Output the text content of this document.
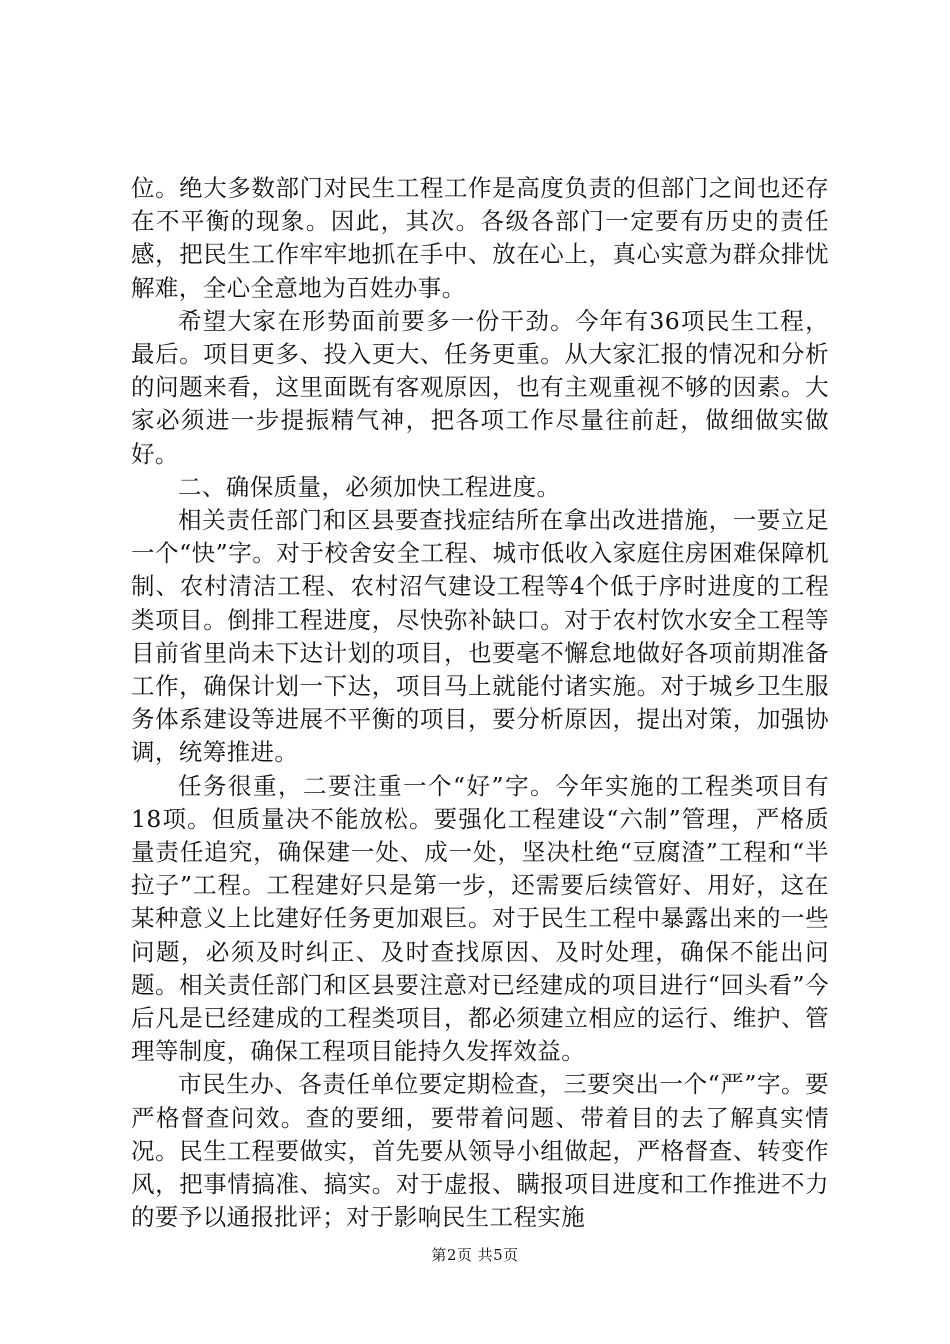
位。绝大多数部门对民生工程工作是高度负责的但部门之间也还存在不平衡的现象。因此，其次。各级各部门一定要有历史的责任感，把民生工作牢牢地抓在手中、放在心上，真心实意为群众排忧解难，全心全意地为百姓办事。

希望大家在形势面前要多一份干劲。今年有36项民生工程，最后。项目更多、投入更大、任务更重。从大家汇报的情况和分析的问题来看，这里面既有客观原因，也有主观重视不够的因素。大家必须进一步提振精气神，把各项工作尽量往前赶，做细做实做好。

二、确保质量，必须加快工程进度。

相关责任部门和区县要查找症结所在拿出改进措施，一要立足一个“快”字。对于校舍安全工程、城市低收入家庭住房困难保障机制、农村清洁工程、农村沼气建设工程等4个低于序时进度的工程类项目。倒排工程进度，尽快弥补缺口。对于农村饮水安全工程等目前省里尚未下达计划的项目，也要毫不懈怠地做好各项前期准备工作，确保计划一下达，项目马上就能付诸实施。对于城乡卫生服务体系建设等进展不平衡的项目，要分析原因，提出对策，加强协调，统筹推进。

任务很重，二要注重一个“好”字。今年实施的工程类项目有18项。但质量决不能放松。要强化工程建设“六制”管理，严格质量责任追究，确保建一处、成一处，坚决杜绝“豆腐渣”工程和“半拉子”工程。工程建好只是第一步，还需要后续管好、用好，这在某种意义上比建好任务更加艰巨。对于民生工程中暴露出来的一些问题，必须及时纠正、及时查找原因、及时处理，确保不能出问题。相关责任部门和区县要注意对已经建成的项目进行“回头看”今后凡是已经建成的工程类项目，都必须建立相应的运行、维护、管理等制度，确保工程项目能持久发挥效益。

市民生办、各责任单位要定期检查，三要突出一个“严”字。要严格督查问效。查的要细，要带着问题、带着目的去了解真实情况。民生工程要做实，首先要从领导小组做起，严格督查、转变作风，把事情搞准、搞实。对于虚报、瞒报项目进度和工作推进不力的要予以通报批评；对于影响民生工程实施

第2页 共5页
